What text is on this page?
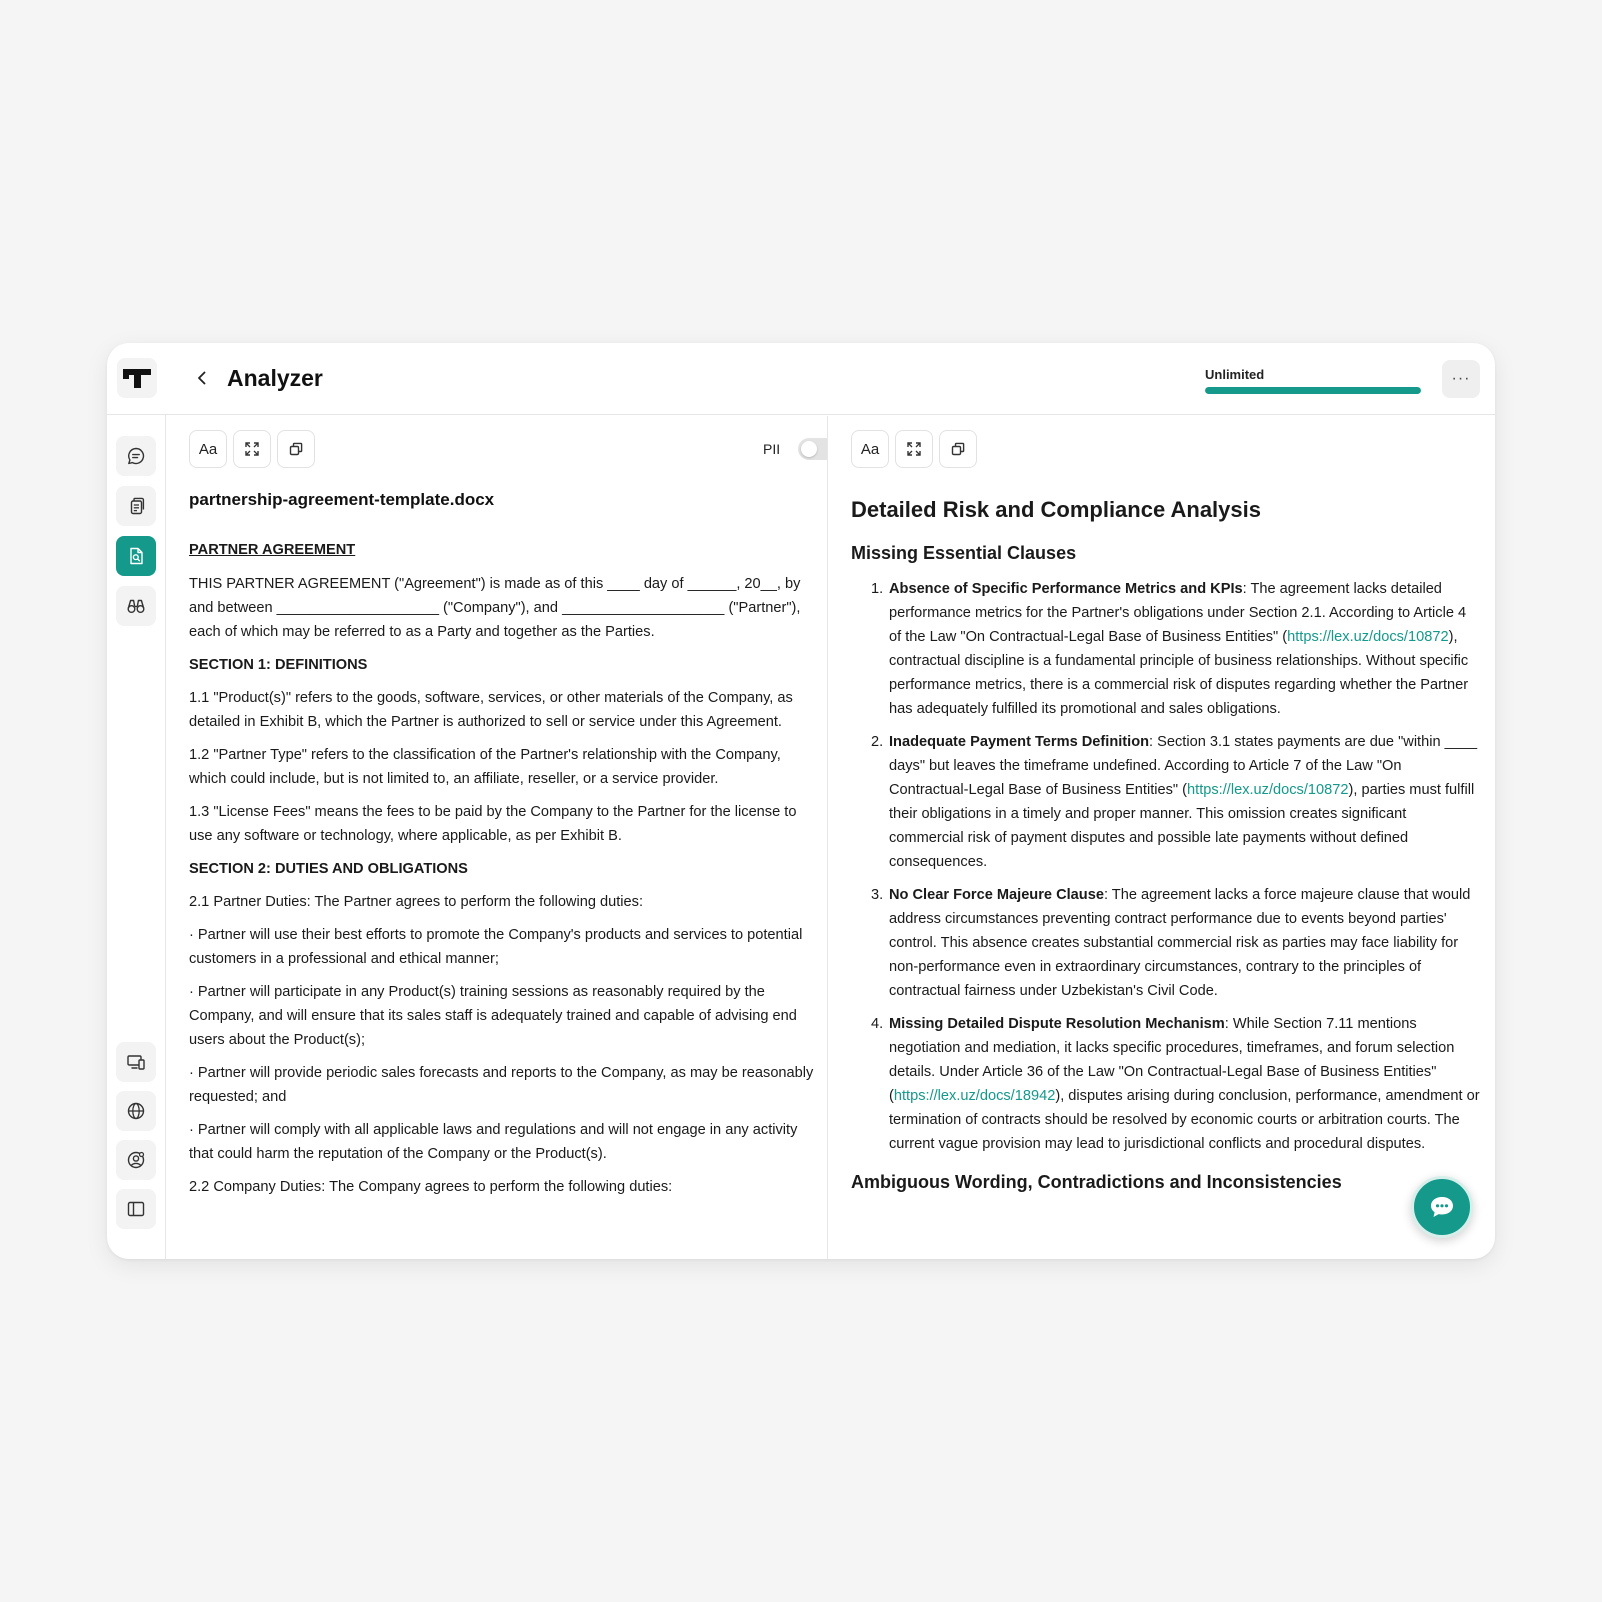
Analyzer	Unlimited	···
Aa	PII
partnership-agreement-template.docx

PARTNER AGREEMENT

THIS PARTNER AGREEMENT ("Agreement") is made as of this ____ day of ______, 20__, by and between ____________________ ("Company"), and ____________________ ("Partner"), each of which may be referred to as a Party and together as the Parties.

SECTION 1: DEFINITIONS

1.1 "Product(s)" refers to the goods, software, services, or other materials of the Company, as detailed in Exhibit B, which the Partner is authorized to sell or service under this Agreement.

1.2 "Partner Type" refers to the classification of the Partner's relationship with the Company, which could include, but is not limited to, an affiliate, reseller, or a service provider.

1.3 "License Fees" means the fees to be paid by the Company to the Partner for the license to use any software or technology, where applicable, as per Exhibit B.

SECTION 2: DUTIES AND OBLIGATIONS

2.1 Partner Duties: The Partner agrees to perform the following duties:

· Partner will use their best efforts to promote the Company's products and services to potential customers in a professional and ethical manner;

· Partner will participate in any Product(s) training sessions as reasonably required by the Company, and will ensure that its sales staff is adequately trained and capable of advising end users about the Product(s);

· Partner will provide periodic sales forecasts and reports to the Company, as may be reasonably requested; and

· Partner will comply with all applicable laws and regulations and will not engage in any activity that could harm the reputation of the Company or the Product(s).

2.2 Company Duties: The Company agrees to perform the following duties:

Aa
Detailed Risk and Compliance Analysis
Missing Essential Clauses
1. Absence of Specific Performance Metrics and KPIs: The agreement lacks detailed performance metrics for the Partner's obligations under Section 2.1. According to Article 4 of the Law "On Contractual-Legal Base of Business Entities" (https://lex.uz/docs/10872), contractual discipline is a fundamental principle of business relationships. Without specific performance metrics, there is a commercial risk of disputes regarding whether the Partner has adequately fulfilled its promotional and sales obligations.
2. Inadequate Payment Terms Definition: Section 3.1 states payments are due "within ____ days" but leaves the timeframe undefined. According to Article 7 of the Law "On Contractual-Legal Base of Business Entities" (https://lex.uz/docs/10872), parties must fulfill their obligations in a timely and proper manner. This omission creates significant commercial risk of payment disputes and possible late payments without defined consequences.
3. No Clear Force Majeure Clause: The agreement lacks a force majeure clause that would address circumstances preventing contract performance due to events beyond parties' control. This absence creates substantial commercial risk as parties may face liability for non-performance even in extraordinary circumstances, contrary to the principles of contractual fairness under Uzbekistan's Civil Code.
4. Missing Detailed Dispute Resolution Mechanism: While Section 7.11 mentions negotiation and mediation, it lacks specific procedures, timeframes, and forum selection details. Under Article 36 of the Law "On Contractual-Legal Base of Business Entities" (https://lex.uz/docs/18942), disputes arising during conclusion, performance, amendment or termination of contracts should be resolved by economic courts or arbitration courts. The current vague provision may lead to jurisdictional conflicts and procedural disputes.
Ambiguous Wording, Contradictions and Inconsistencies
